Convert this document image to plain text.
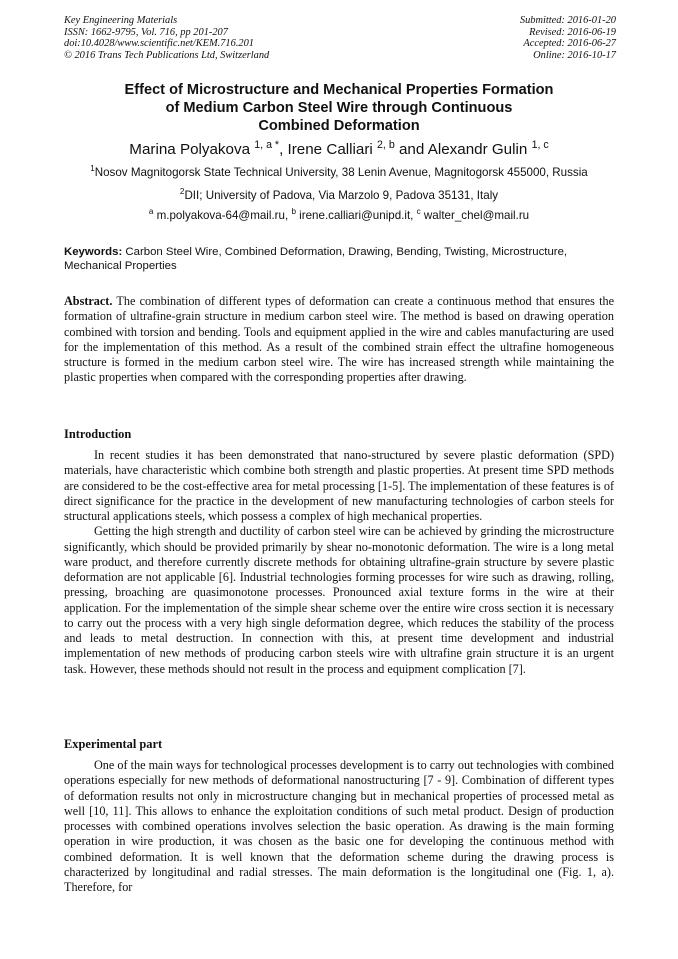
Key Engineering Materials
ISSN: 1662-9795, Vol. 716, pp 201-207
doi:10.4028/www.scientific.net/KEM.716.201
© 2016 Trans Tech Publications Ltd, Switzerland
Submitted: 2016-01-20
Revised: 2016-06-19
Accepted: 2016-06-27
Online: 2016-10-17
Effect of Microstructure and Mechanical Properties Formation
of Medium Carbon Steel Wire through Continuous
Combined Deformation
Marina Polyakova $^{1, a *}$, Irene Calliari $^{2, b}$ and Alexandr Gulin $^{1, c}$
$^1$Nosov Magnitogorsk State Technical University, 38 Lenin Avenue, Magnitogorsk 455000, Russia
$^2$DII; University of Padova, Via Marzolo 9, Padova 35131, Italy
$^a$ m.polyakova-64@mail.ru, $^b$ irene.calliari@unipd.it, $^c$ walter_chel@mail.ru
Keywords: Carbon Steel Wire, Combined Deformation, Drawing, Bending, Twisting, Microstructure, Mechanical Properties
Abstract. The combination of different types of deformation can create a continuous method that ensures the formation of ultrafine-grain structure in medium carbon steel wire. The method is based on drawing operation combined with torsion and bending. Tools and equipment applied in the wire and cables manufacturing are used for the implementation of this method. As a result of the combined strain effect the ultrafine homogeneous structure is formed in the medium carbon steel wire. The wire has increased strength while maintaining the plastic properties when compared with the corresponding properties after drawing.
Introduction

In recent studies it has been demonstrated that nano-structured by severe plastic deformation (SPD) materials, have characteristic which combine both strength and plastic properties. At present time SPD methods are considered to be the cost-effective area for metal processing [1-5]. The implementation of these features is of direct significance for the practice in the development of new manufacturing technologies of carbon steels for structural applications steels, which possess a complex of high mechanical properties.

Getting the high strength and ductility of carbon steel wire can be achieved by grinding the microstructure significantly, which should be provided primarily by shear no-monotonic deformation. The wire is a long metal ware product, and therefore currently discrete methods for obtaining ultrafine-grain structure by severe plastic deformation are not applicable [6]. Industrial technologies forming processes for wire such as drawing, rolling, pressing, broaching are quasimonotone processes. Pronounced axial texture forms in the wire at their application. For the implementation of the simple shear scheme over the entire wire cross section it is necessary to carry out the process with a very high single deformation degree, which reduces the stability of the process and leads to metal destruction. In connection with this, at present time development and industrial implementation of new methods of producing carbon steels wire with ultrafine grain structure it is an urgent task. However, these methods should not result in the process and equipment complication [7].

Experimental part

One of the main ways for technological processes development is to carry out technologies with combined operations especially for new methods of deformational nanostructuring [7 - 9]. Combination of different types of deformation results not only in microstructure changing but in mechanical properties of processed metal as well [10, 11]. This allows to enhance the exploitation conditions of such metal product. Design of production processes with combined operations involves selection the basic operation. As drawing is the main forming operation in wire production, it was chosen as the basic one for developing the continuous method with combined deformation. It is well known that the deformation scheme during the drawing process is characterized by longitudinal and radial stresses. The main deformation is the longitudinal one (Fig. 1, a). Therefore, for
